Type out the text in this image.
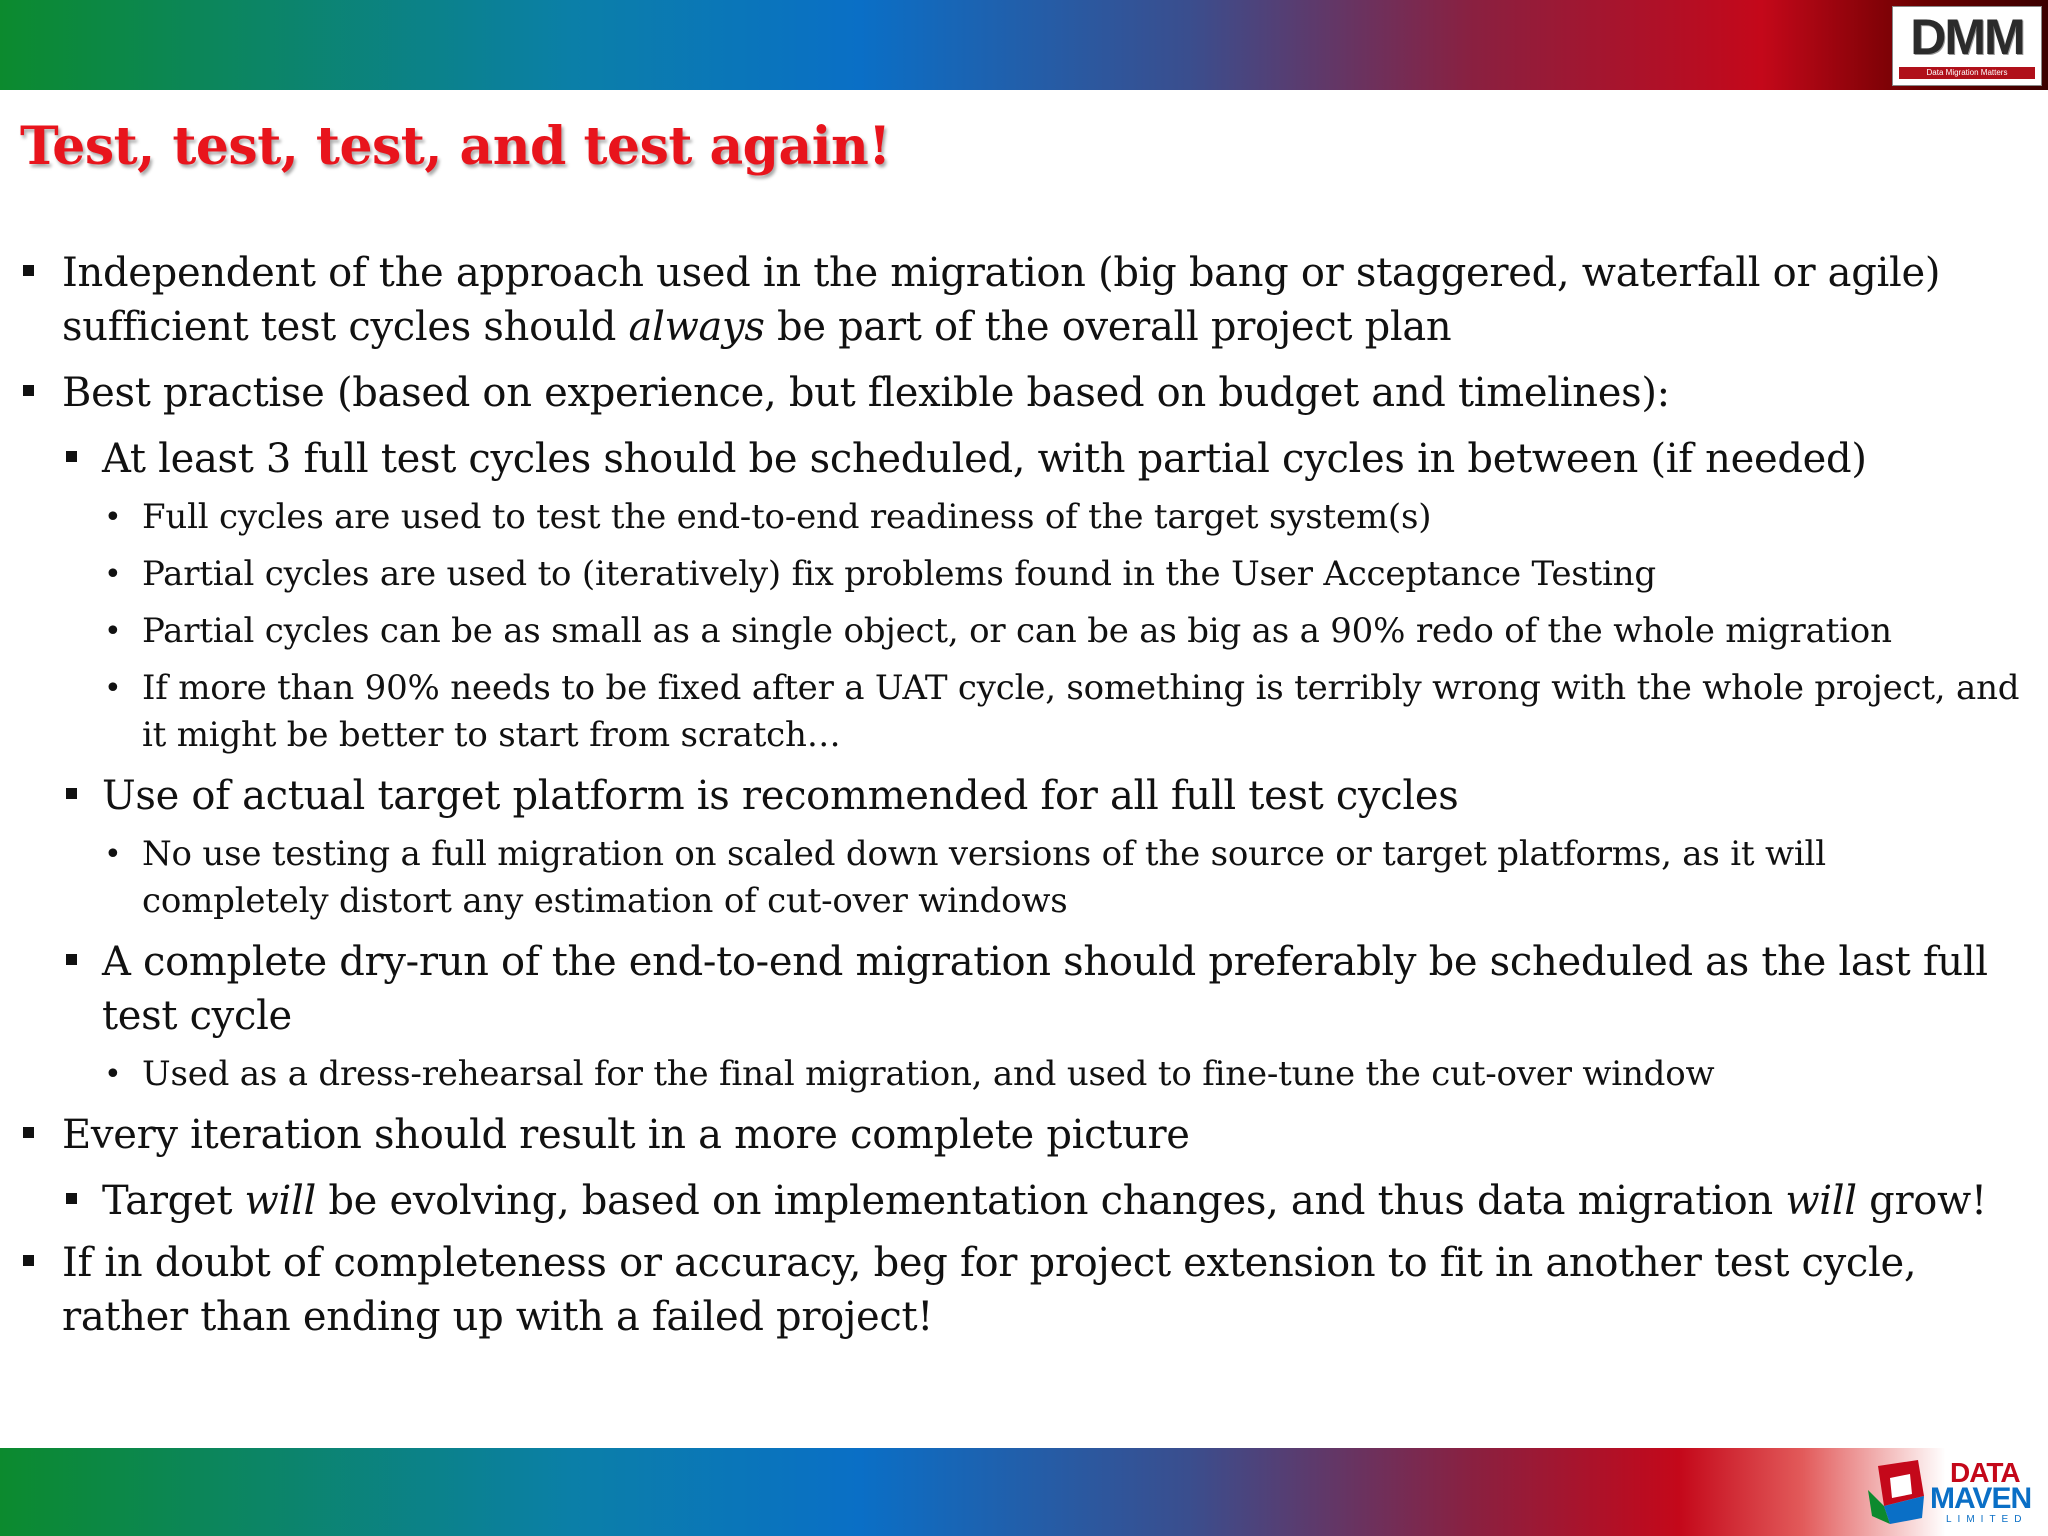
DMM
Data Migration Matters
Test, test, test, and test again!

Independent of the approach used in the migration (big bang or staggered, waterfall or agile) sufficient test cycles should always be part of the overall project plan

Best practise (based on experience, but flexible based on budget and timelines):

At least 3 full test cycles should be scheduled, with partial cycles in between (if needed)

• Full cycles are used to test the end-to-end readiness of the target system(s)

• Partial cycles are used to (iteratively) fix problems found in the User Acceptance Testing

• Partial cycles can be as small as a single object, or can be as big as a 90% redo of the whole migration

• If more than 90% needs to be fixed after a UAT cycle, something is terribly wrong with the whole project, and it might be better to start from scratch…

Use of actual target platform is recommended for all full test cycles

• No use testing a full migration on scaled down versions of the source or target platforms, as it will completely distort any estimation of cut-over windows

A complete dry-run of the end-to-end migration should preferably be scheduled as the last full test cycle

• Used as a dress-rehearsal for the final migration, and used to fine-tune the cut-over window

Every iteration should result in a more complete picture

Target will be evolving, based on implementation changes, and thus data migration will grow!

If in doubt of completeness or accuracy, beg for project extension to fit in another test cycle, rather than ending up with a failed project!

DATA
MAVEN
LIMITED
